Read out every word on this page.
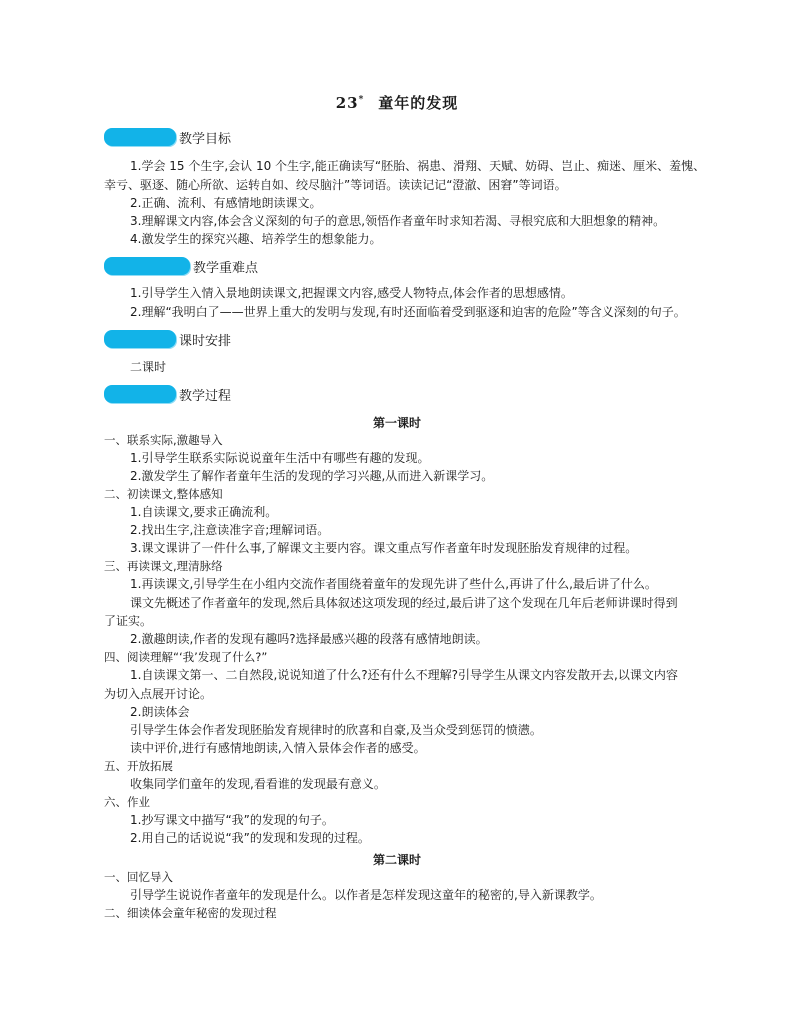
23* 童年的发现
教学目标
1.学会 15 个生字,会认 10 个生字,能正确读写“胚胎、祸患、滑翔、天赋、妨碍、岂止、痴迷、厘米、羞愧、
幸亏、驱逐、随心所欲、运转自如、绞尽脑汁”等词语。读读记记“澄澈、困窘”等词语。
2.正确、流利、有感情地朗读课文。
3.理解课文内容,体会含义深刻的句子的意思,领悟作者童年时求知若渴、寻根究底和大胆想象的精神。
4.激发学生的探究兴趣、培养学生的想象能力。
教学重难点
1.引导学生入情入景地朗读课文,把握课文内容,感受人物特点,体会作者的思想感情。
2.理解“我明白了——世界上重大的发明与发现,有时还面临着受到驱逐和迫害的危险”等含义深刻的句子。
课时安排
二课时
教学过程
第一课时
一、联系实际,激趣导入
1.引导学生联系实际说说童年生活中有哪些有趣的发现。
2.激发学生了解作者童年生活的发现的学习兴趣,从而进入新课学习。
二、初读课文,整体感知
1.自读课文,要求正确流利。
2.找出生字,注意读准字音;理解词语。
3.课文课讲了一件什么事,了解课文主要内容。课文重点写作者童年时发现胚胎发育规律的过程。
三、再读课文,理清脉络
1.再读课文,引导学生在小组内交流作者围绕着童年的发现先讲了些什么,再讲了什么,最后讲了什么。
课文先概述了作者童年的发现,然后具体叙述这项发现的经过,最后讲了这个发现在几年后老师讲课时得到
了证实。
2.激趣朗读,作者的发现有趣吗?选择最感兴趣的段落有感情地朗读。
四、阅读理解“‘我’发现了什么?”
1.自读课文第一、二自然段,说说知道了什么?还有什么不理解?引导学生从课文内容发散开去,以课文内容
为切入点展开讨论。
2.朗读体会
引导学生体会作者发现胚胎发育规律时的欣喜和自豪,及当众受到惩罚的愤懑。
读中评价,进行有感情地朗读,入情入景体会作者的感受。
五、开放拓展
收集同学们童年的发现,看看谁的发现最有意义。
六、作业
1.抄写课文中描写“我”的发现的句子。
2.用自己的话说说“我”的发现和发现的过程。
第二课时
一、回忆导入
引导学生说说作者童年的发现是什么。以作者是怎样发现这童年的秘密的,导入新课教学。
二、细读体会童年秘密的发现过程
